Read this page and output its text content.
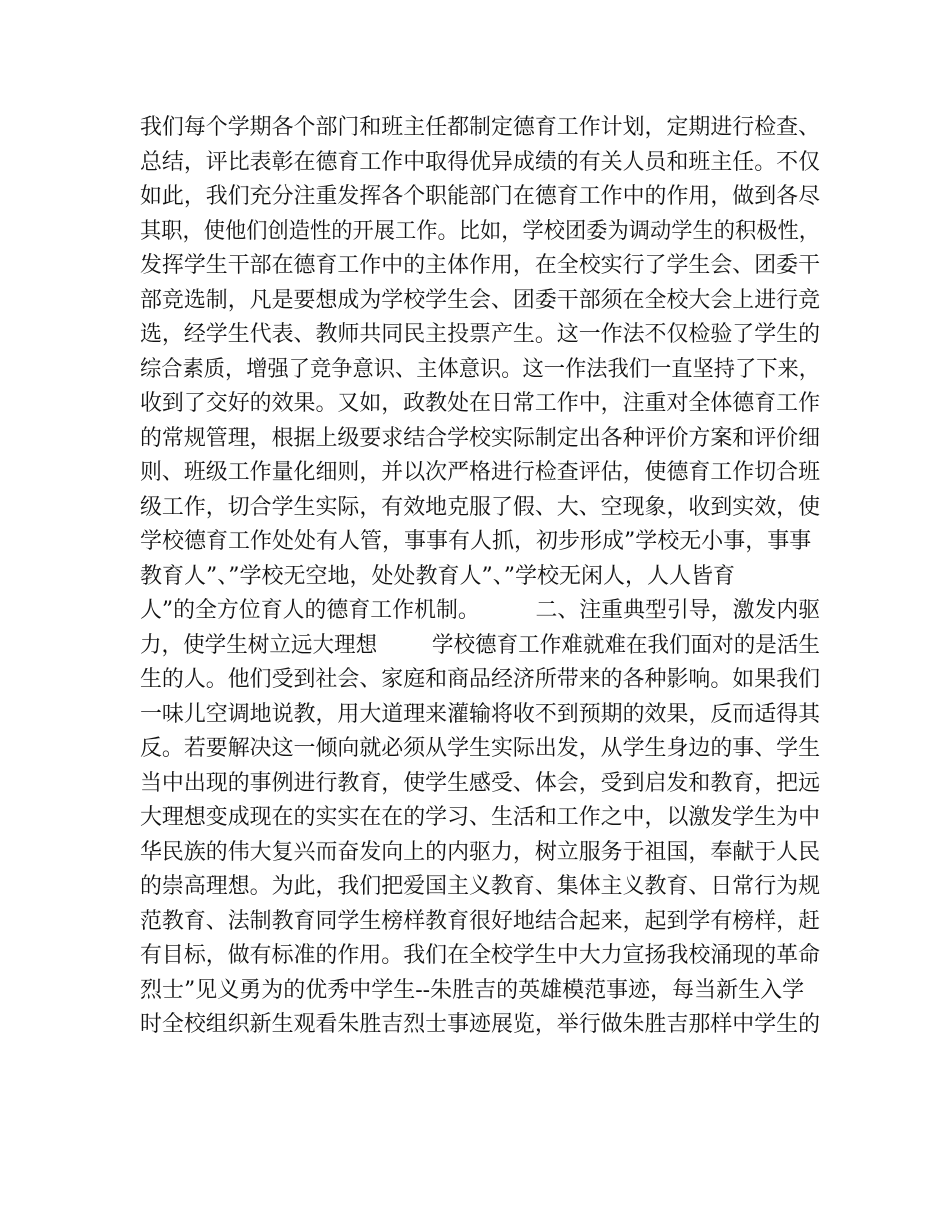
我们每个学期各个部门和班主任都制定德育工作计划，定期进行检查、
总结，评比表彰在德育工作中取得优异成绩的有关人员和班主任。不仅
如此，我们充分注重发挥各个职能部门在德育工作中的作用，做到各尽
其职，使他们创造性的开展工作。比如，学校团委为调动学生的积极性，
发挥学生干部在德育工作中的主体作用，在全校实行了学生会、团委干
部竞选制，凡是要想成为学校学生会、团委干部须在全校大会上进行竞
选，经学生代表、教师共同民主投票产生。这一作法不仅检验了学生的
综合素质，增强了竞争意识、主体意识。这一作法我们一直坚持了下来，
收到了交好的效果。又如，政教处在日常工作中，注重对全体德育工作
的常规管理，根据上级要求结合学校实际制定出各种评价方案和评价细
则、班级工作量化细则，并以次严格进行检查评估，使德育工作切合班
级工作，切合学生实际，有效地克服了假、大、空现象，收到实效，使
学校德育工作处处有人管，事事有人抓，初步形成”学校无小事，事事
教育人”、”学校无空地，处处教育人”、”学校无闲人，人人皆育
人”的全方位育人的德育工作机制。        二、注重典型引导，激发内驱
力，使学生树立远大理想        学校德育工作难就难在我们面对的是活生
生的人。他们受到社会、家庭和商品经济所带来的各种影响。如果我们
一味儿空调地说教，用大道理来灌输将收不到预期的效果，反而适得其
反。若要解决这一倾向就必须从学生实际出发，从学生身边的事、学生
当中出现的事例进行教育，使学生感受、体会，受到启发和教育，把远
大理想变成现在的实实在在的学习、生活和工作之中，以激发学生为中
华民族的伟大复兴而奋发向上的内驱力，树立服务于祖国，奉献于人民
的崇高理想。为此，我们把爱国主义教育、集体主义教育、日常行为规
范教育、法制教育同学生榜样教育很好地结合起来，起到学有榜样，赶
有目标，做有标准的作用。我们在全校学生中大力宣扬我校涌现的革命
烈士”见义勇为的优秀中学生--朱胜吉的英雄模范事迹，每当新生入学
时全校组织新生观看朱胜吉烈士事迹展览，举行做朱胜吉那样中学生的
